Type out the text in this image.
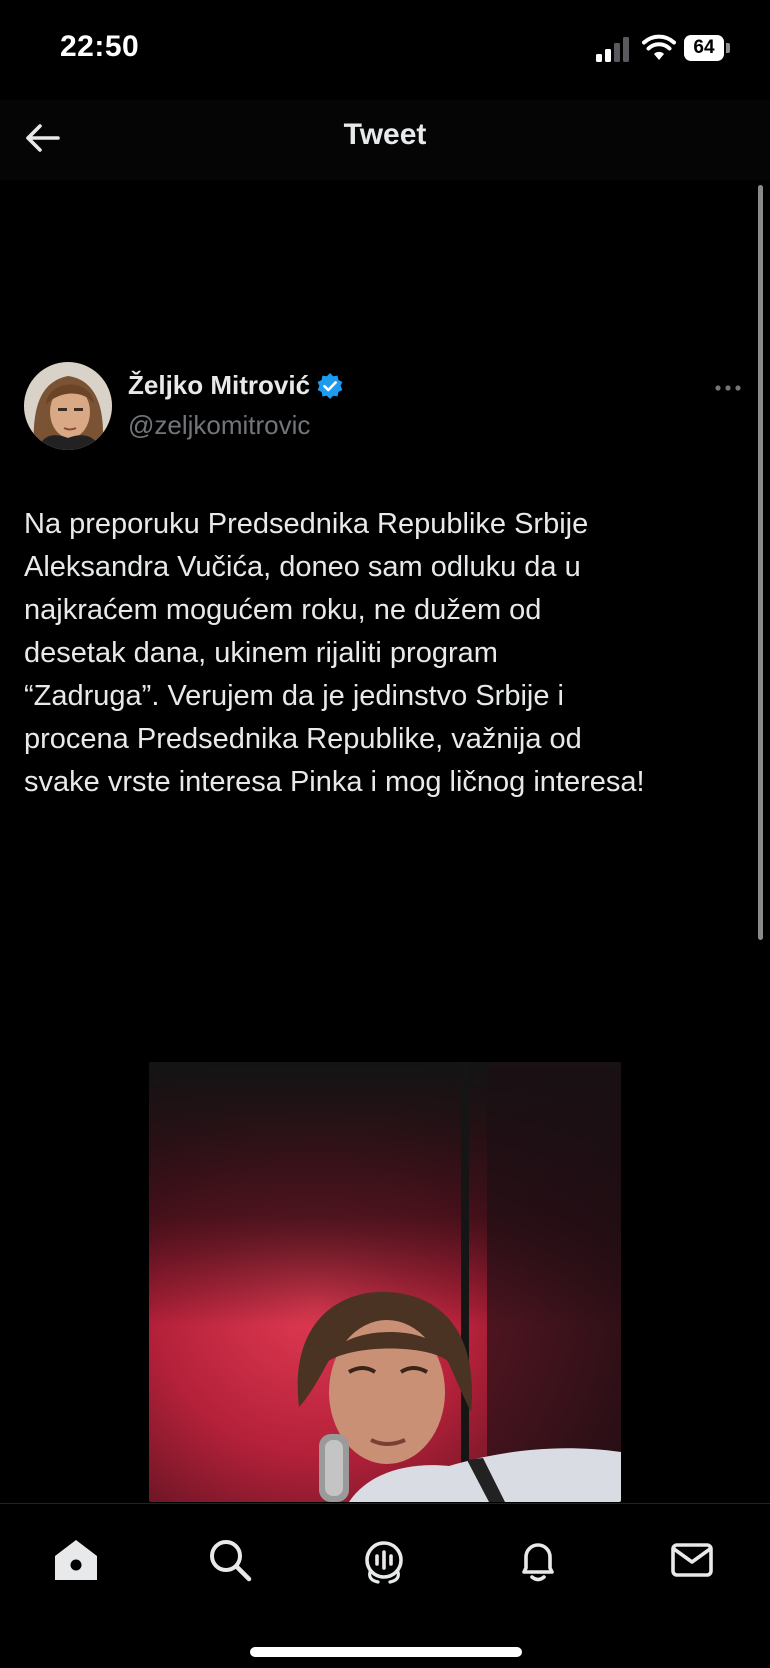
22:50	64
Tweet
Željko Mitrović
@zeljkomitrovic
Na preporuku Predsednika Republike Srbije
Aleksandra Vučića, doneo sam odluku da u
najkraćem mogućem roku, ne dužem od
desetak dana, ukinem rijaliti program
“Zadruga”. Verujem da je jedinstvo Srbije i
procena Predsednika Republike, važnija od
svake vrste interesa Pinka i mog ličnog interesa!
